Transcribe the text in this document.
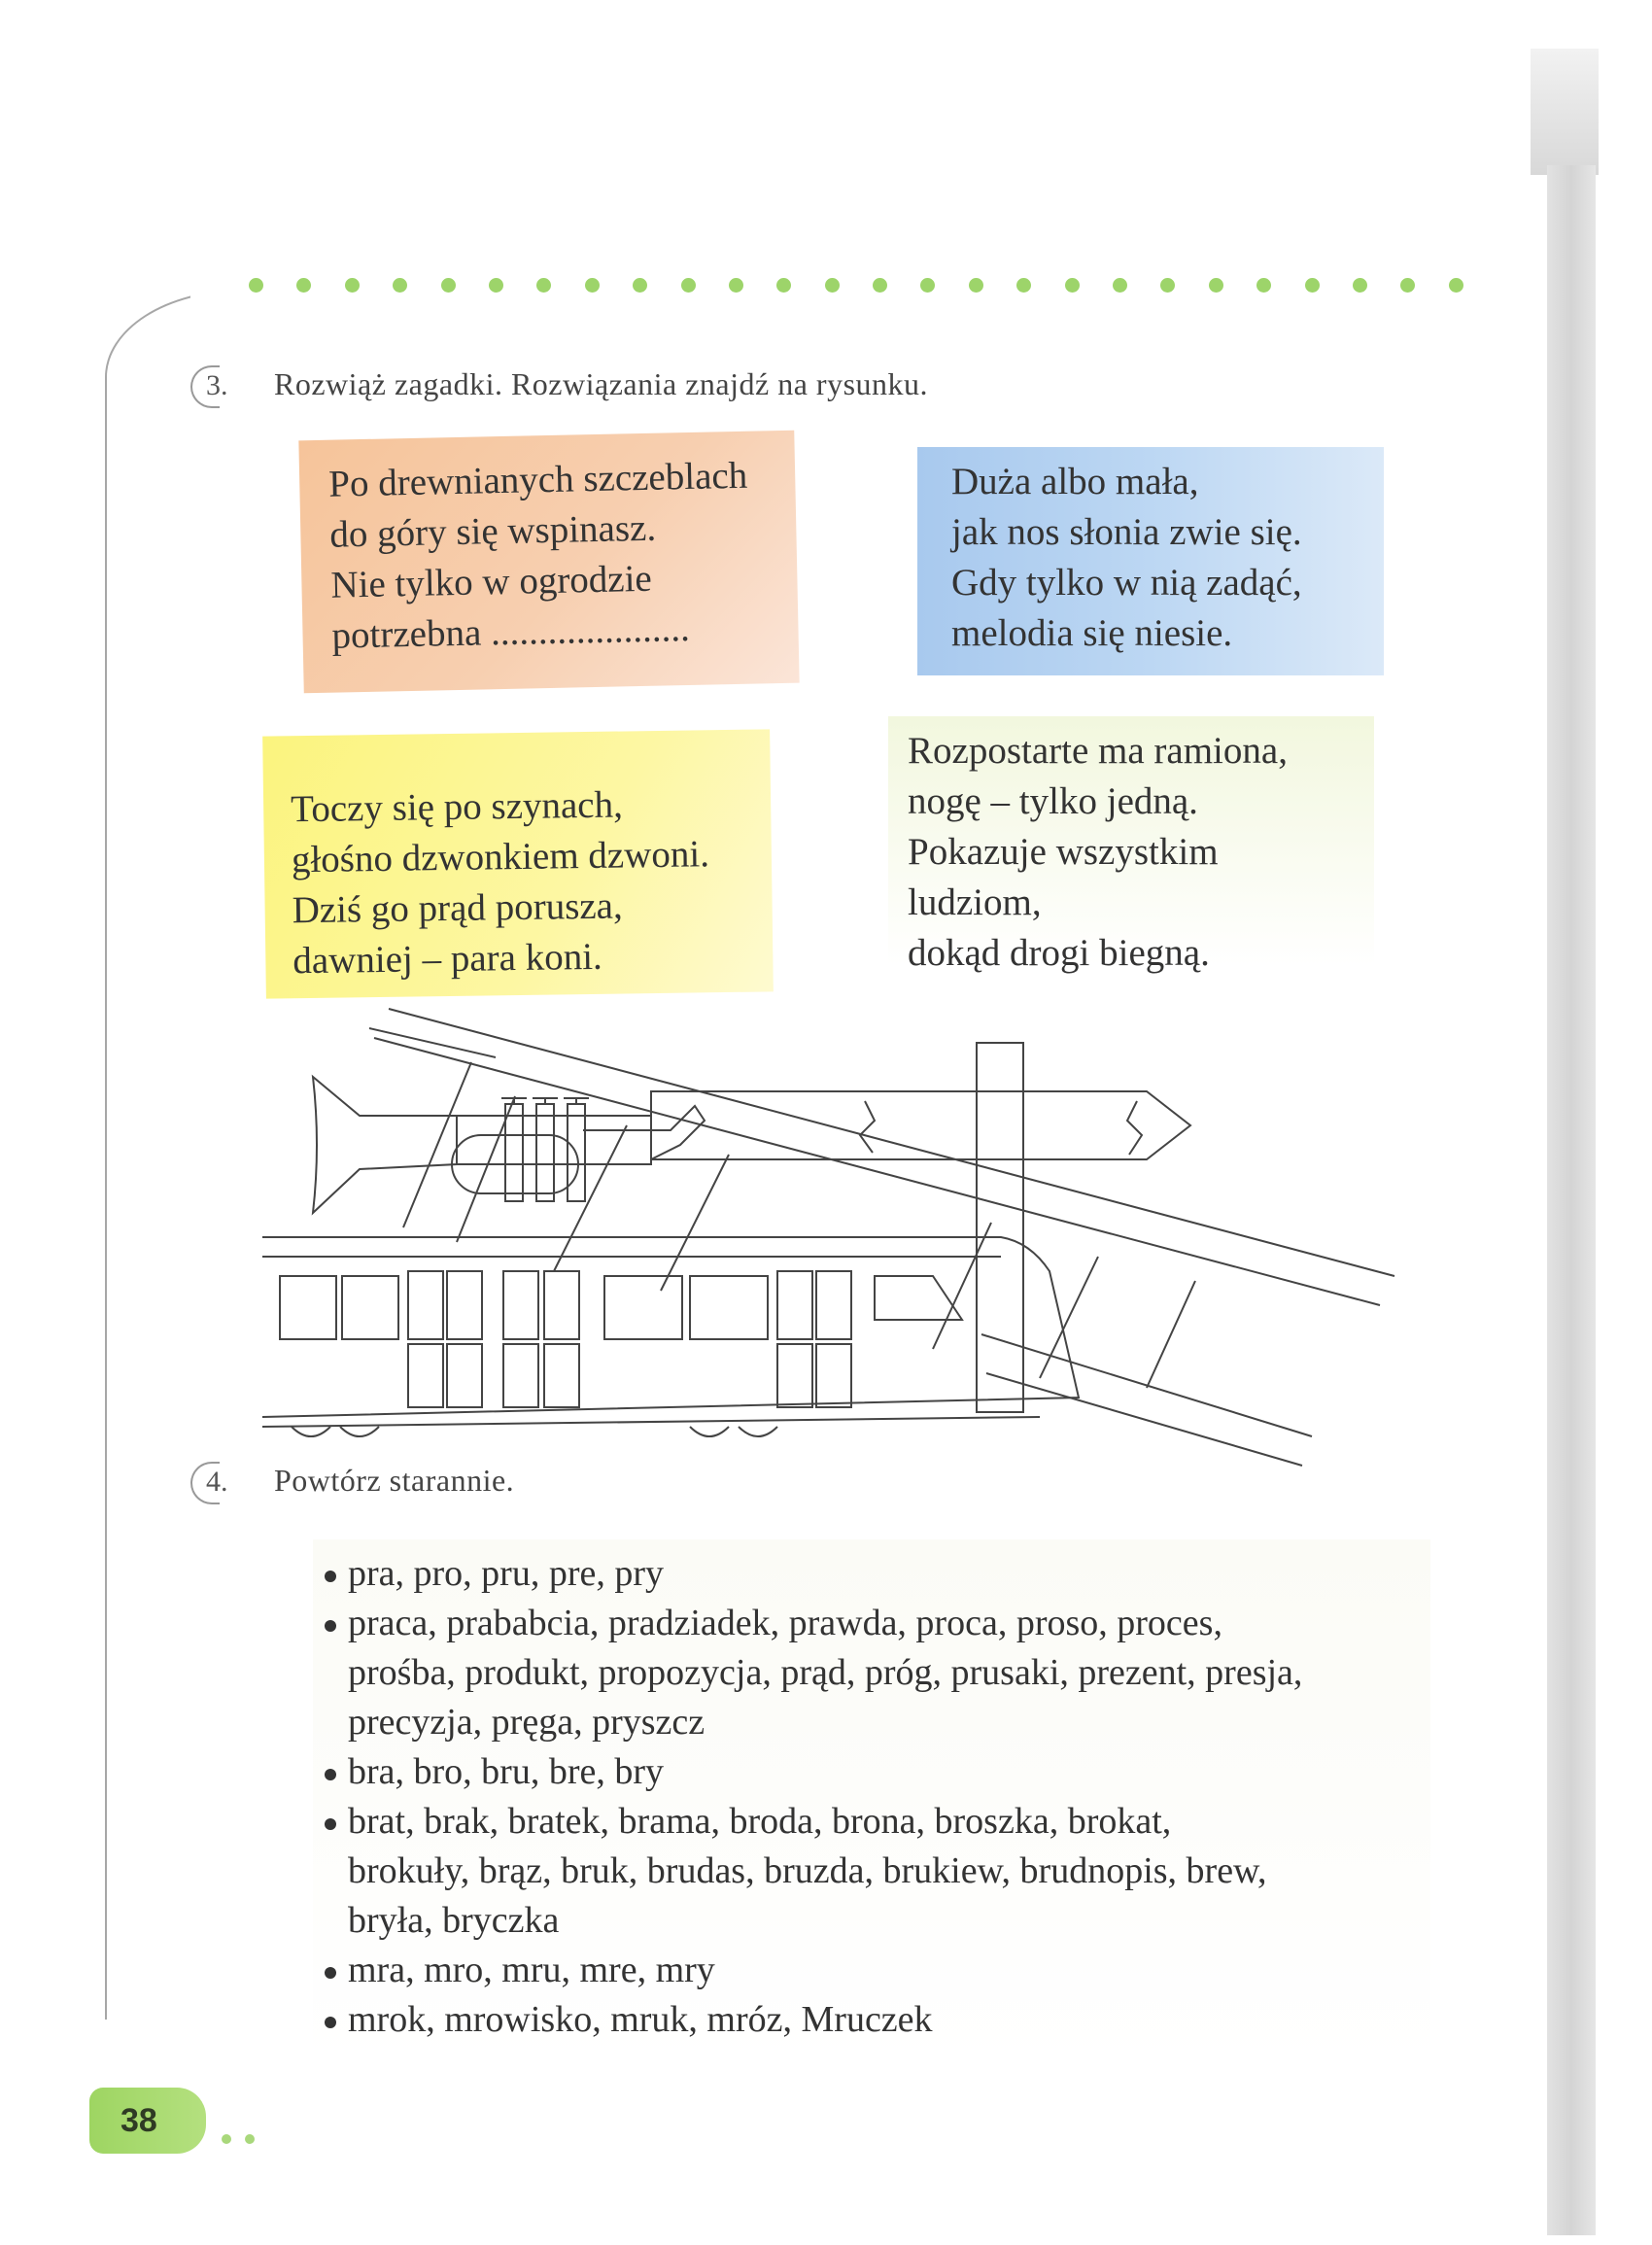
3. Rozwiąż zagadki. Rozwiązania znajdź na rysunku.

Po drewnianych szczeblach

do góry się wspinasz.

Nie tylko w ogrodzie

potrzebna .....................

Duża albo mała,

jak nos słonia zwie się.

Gdy tylko w nią zadąć,

melodia się niesie.

Toczy się po szynach,

głośno dzwonkiem dzwoni.

Dziś go prąd porusza,

dawniej – para koni.

Rozpostarte ma ramiona,

nogę – tylko jedną.

Pokazuje wszystkim

ludziom,

dokąd drogi biegną.

4. Powtórz starannie.
pra, pro, pru, pre, pry
praca, prababcia, pradziadek, prawda, proca, proso, proces,
prośba, produkt, propozycja, prąd, próg, prusaki, prezent, presja,
precyzja, pręga, pryszcz
bra, bro, bru, bre, bry
brat, brak, bratek, brama, broda, brona, broszka, brokat,
brokuły, brąz, bruk, brudas, bruzda, brukiew, brudnopis, brew,
bryła, bryczka
mra, mro, mru, mre, mry
mrok, mrowisko, mruk, mróz, Mruczek
38
